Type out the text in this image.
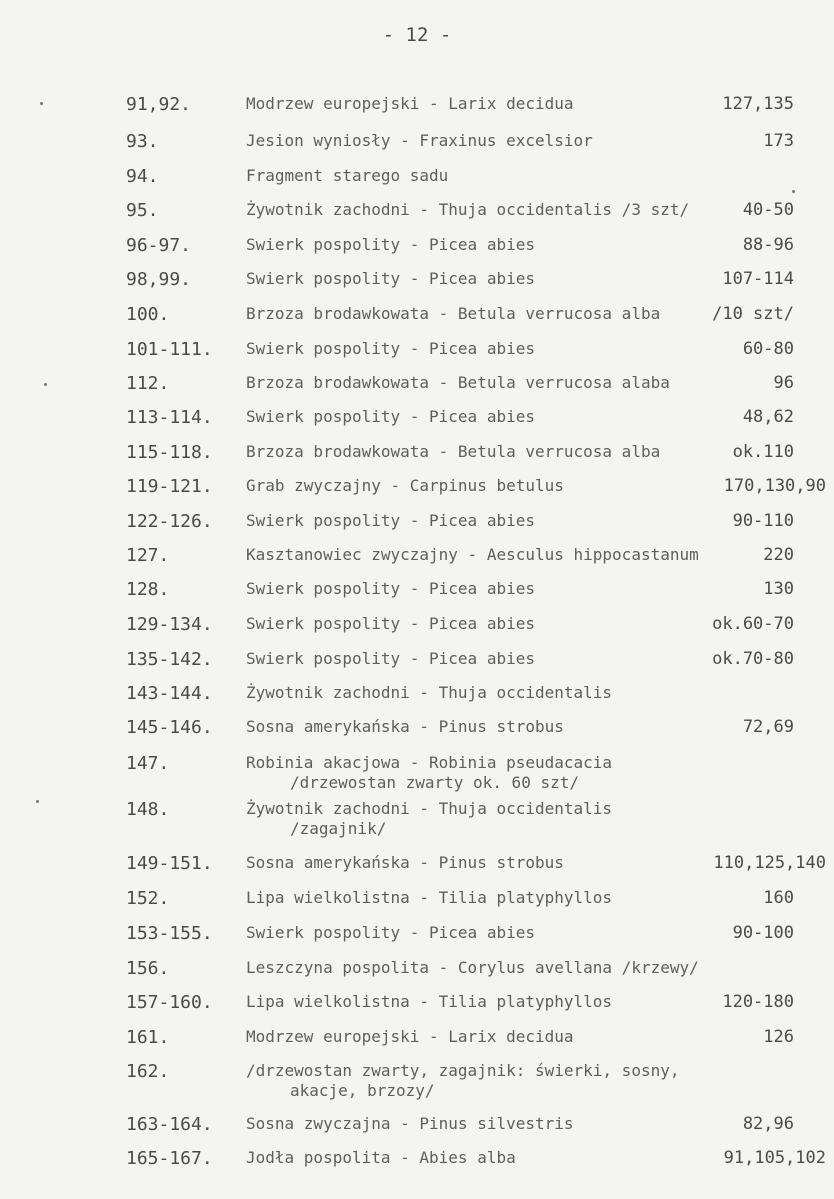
- 12 -
91,92.	Modrzew europejski - Larix decidua	127,135
93.	Jesion wyniosły - Fraxinus excelsior	173
94.	Fragment starego sadu
95.	Żywotnik zachodni - Thuja occidentalis /3 szt/	40-50
96-97.	Swierk pospolity - Picea abies	88-96
98,99.	Swierk pospolity - Picea abies	107-114
100.	Brzoza brodawkowata - Betula verrucosa alba	/10 szt/
101-111. Swierk pospolity - Picea abies	60-80
112.	Brzoza brodawkowata - Betula verrucosa alaba	96
113-114. Swierk pospolity - Picea abies	48,62
115-118. Brzoza brodawkowata - Betula verrucosa alba	ok.110
119-121. Grab zwyczajny - Carpinus betulus	170,130,90
122-126. Swierk pospolity - Picea abies	90-110
127.	Kasztanowiec zwyczajny - Aesculus hippocastanum	220
128.	Swierk pospolity - Picea abies	130
129-134. Swierk pospolity - Picea abies	ok.60-70
135-142. Swierk pospolity - Picea abies	ok.70-80
143-144. Żywotnik zachodni - Thuja occidentalis
145-146. Sosna amerykańska - Pinus strobus	72,69
147.	Robinia akacjowa - Robinia pseudacacia
/drzewostan zwarty ok. 60 szt/
148.	Żywotnik zachodni - Thuja occidentalis
/zagajnik/
149-151. Sosna amerykańska - Pinus strobus	110,125,140
152.	Lipa wielkolistna - Tilia platyphyllos	160
153-155. Swierk pospolity - Picea abies	90-100
156.	Leszczyna pospolita - Corylus avellana /krzewy/
157-160. Lipa wielkolistna - Tilia platyphyllos	120-180
161.	Modrzew europejski - Larix decidua	126
162.	/drzewostan zwarty, zagajnik: świerki, sosny,
akacje, brzozy/
163-164. Sosna zwyczajna - Pinus silvestris	82,96
165-167. Jodła pospolita - Abies alba	91,105,102
